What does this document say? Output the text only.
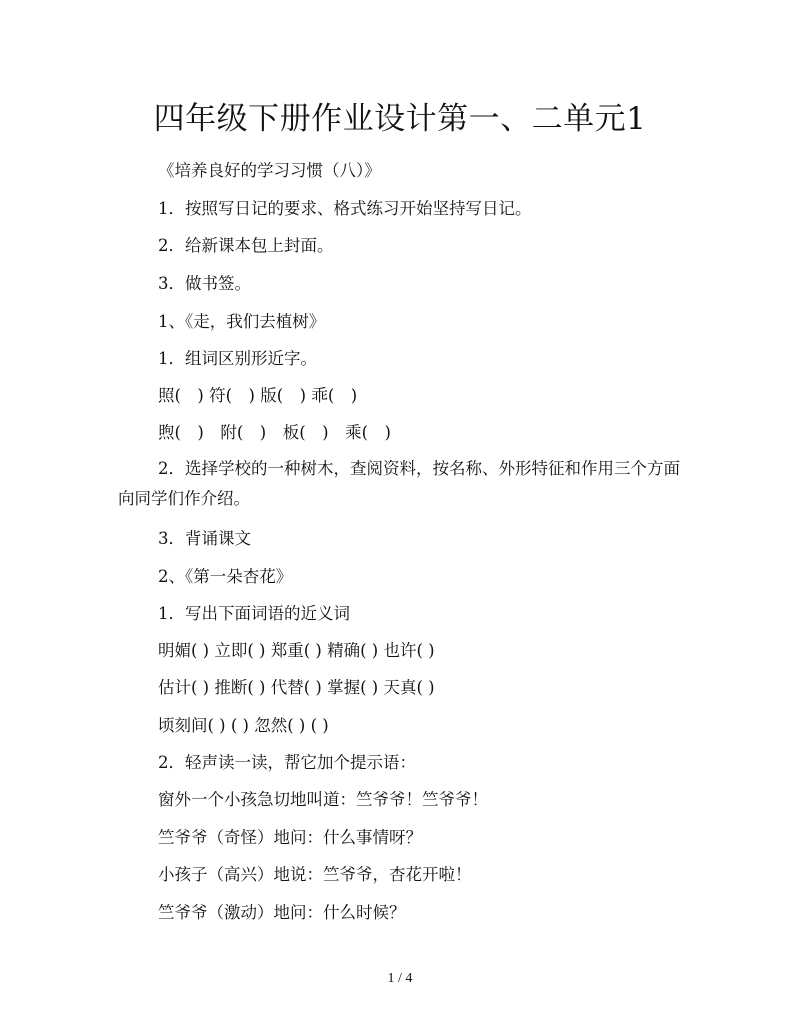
四年级下册作业设计第一、二单元1
《培养良好的学习习惯（八）》
1．按照写日记的要求、格式练习开始坚持写日记。
2．给新课本包上封面。
3．做书签。
1、《走，我们去植树》
1．组词区别形近字。
照(　) 符(　) 版(　) 乖(　)
煦(　)　附(　)　板(　)　乘(　)
2．选择学校的一种树木，查阅资料，按名称、外形特征和作用三个方面向同学们作介绍。
3．背诵课文
2、《第一朵杏花》
1．写出下面词语的近义词
明媚( ) 立即( ) 郑重( ) 精确( ) 也许( )
估计( ) 推断( ) 代替( ) 掌握( ) 天真( )
顷刻间( ) ( ) 忽然( ) ( )
2．轻声读一读，帮它加个提示语：
窗外一个小孩急切地叫道：竺爷爷！竺爷爷！
竺爷爷（奇怪）地问：什么事情呀？
小孩子（高兴）地说：竺爷爷，杏花开啦！
竺爷爷（激动）地问：什么时候？
1 / 4
